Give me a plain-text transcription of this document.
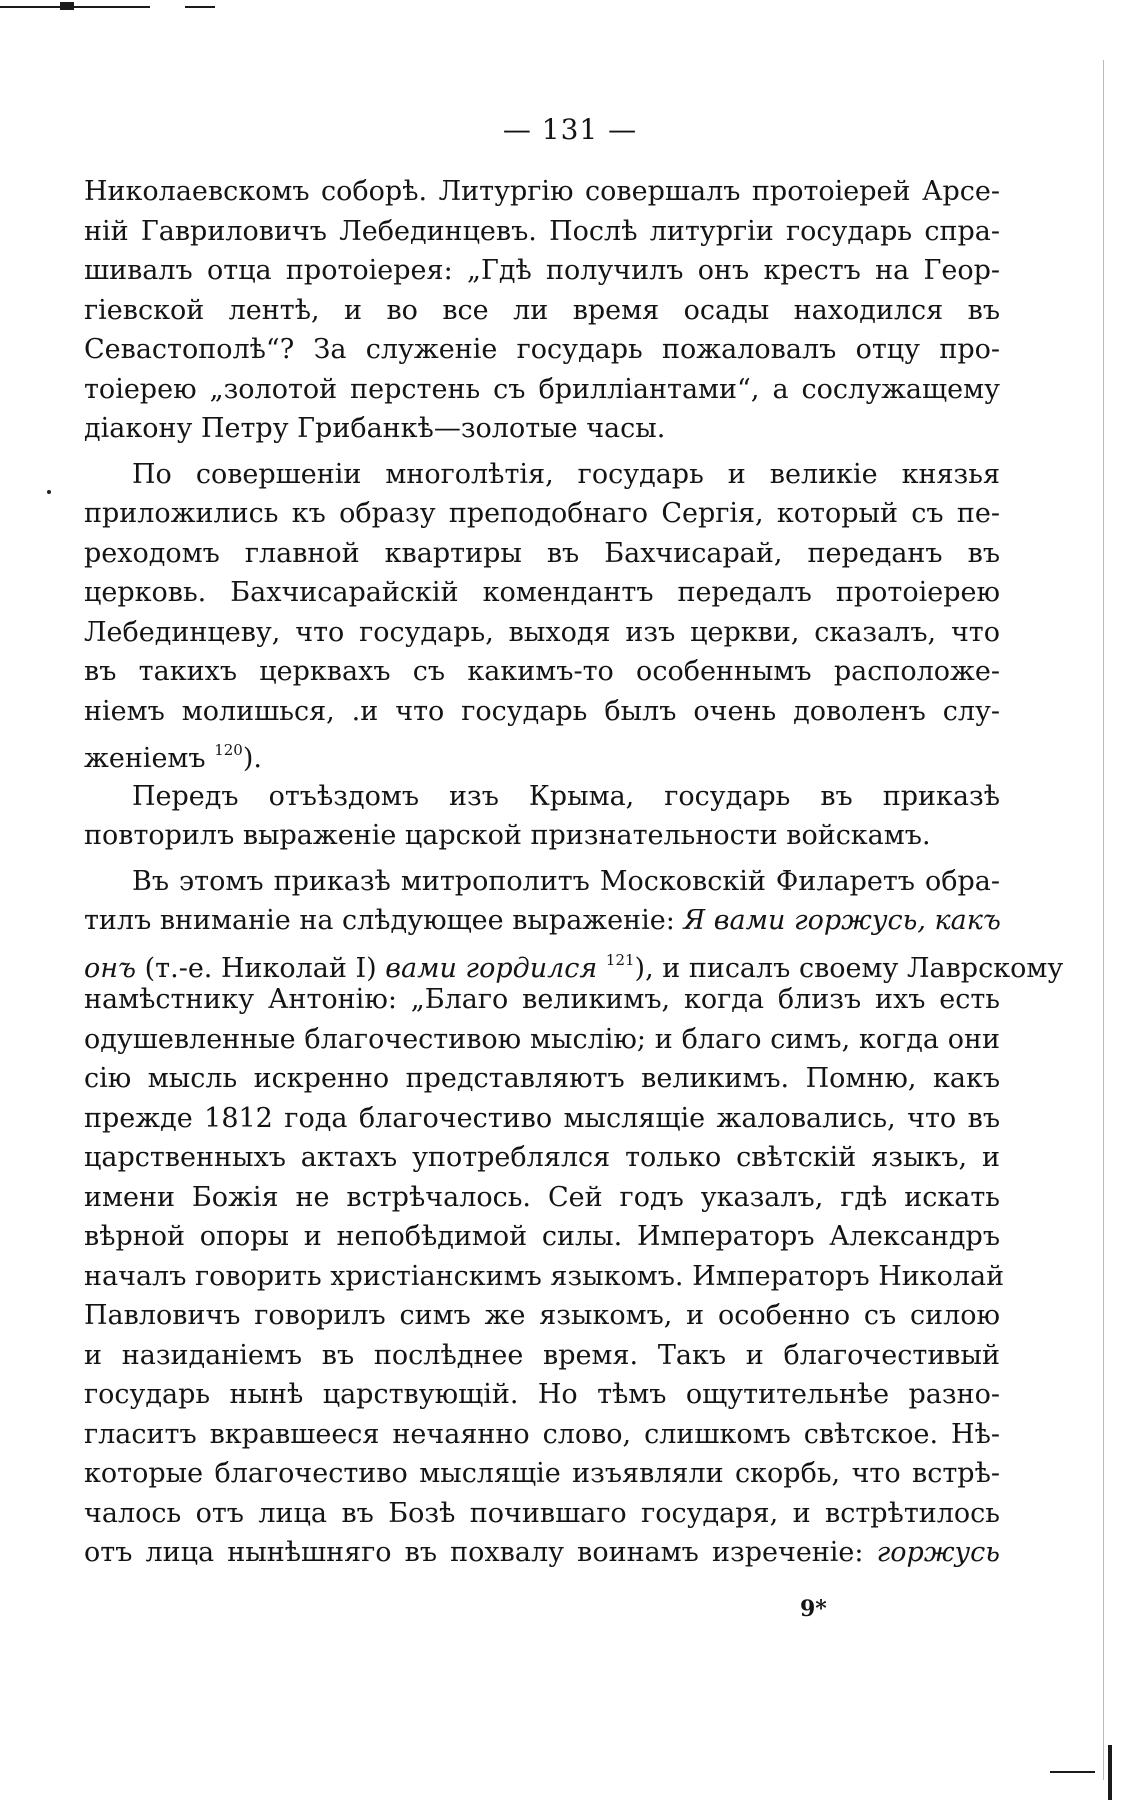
— 131 —
Николаевскомъ соборѣ. Литургію совершалъ протоіерей Арсе-
ній Гавриловичъ Лебединцевъ. Послѣ литургіи государь спра-
шивалъ отца протоіерея: „Гдѣ получилъ онъ крестъ на Геор-
гіевской лентѣ, и во все ли время осады находился въ
Севастополѣ“? За служеніе государь пожаловалъ отцу про-
тоіерею „золотой перстень съ брилліантами“, а сослужащему
діакону Петру Грибанкѣ—золотые часы.
По совершеніи многолѣтія, государь и великіе князья
приложились къ образу преподобнаго Сергія, который съ пе-
реходомъ главной квартиры въ Бахчисарай, переданъ въ
церковь. Бахчисарайскій комендантъ передалъ протоіерею
Лебединцеву, что государь, выходя изъ церкви, сказалъ, что
въ такихъ церквахъ съ какимъ-то особеннымъ расположе-
ніемъ молишься, .и что государь былъ очень доволенъ слу-
женіемъ $^{120}$).
Передъ отъѣздомъ изъ Крыма, государь въ приказѣ
повторилъ выраженіе царской признательности войскамъ.
Въ этомъ приказѣ митрополитъ Московскій Филаретъ обра-
тилъ вниманіе на слѣдующее выраженіе: Я вами горжусь, какъ
онъ (т.-е. Николай I) вами гордился $^{121}$), и писалъ своему Лаврскому
намѣстнику Антонію: „Благо великимъ, когда близъ ихъ есть
одушевленные благочестивою мыслію; и благо симъ, когда они
сію мысль искренно представляютъ великимъ. Помню, какъ
прежде 1812 года благочестиво мыслящіе жаловались, что въ
царственныхъ актахъ употреблялся только свѣтскій языкъ, и
имени Божія не встрѣчалось. Сей годъ указалъ, гдѣ искать
вѣрной опоры и непобѣдимой силы. Императоръ Александръ
началъ говорить христіанскимъ языкомъ. Императоръ Николай
Павловичъ говорилъ симъ же языкомъ, и особенно съ силою
и назиданіемъ въ послѣднее время. Такъ и благочестивый
государь нынѣ царствующій. Но тѣмъ ощутительнѣе разно-
гласитъ вкравшееся нечаянно слово, слишкомъ свѣтское. Нѣ-
которые благочестиво мыслящіе изъявляли скорбь, что встрѣ-
чалось отъ лица въ Бозѣ почившаго государя, и встрѣтилось
отъ лица нынѣшняго въ похвалу воинамъ изреченіе: горжусь
9*
